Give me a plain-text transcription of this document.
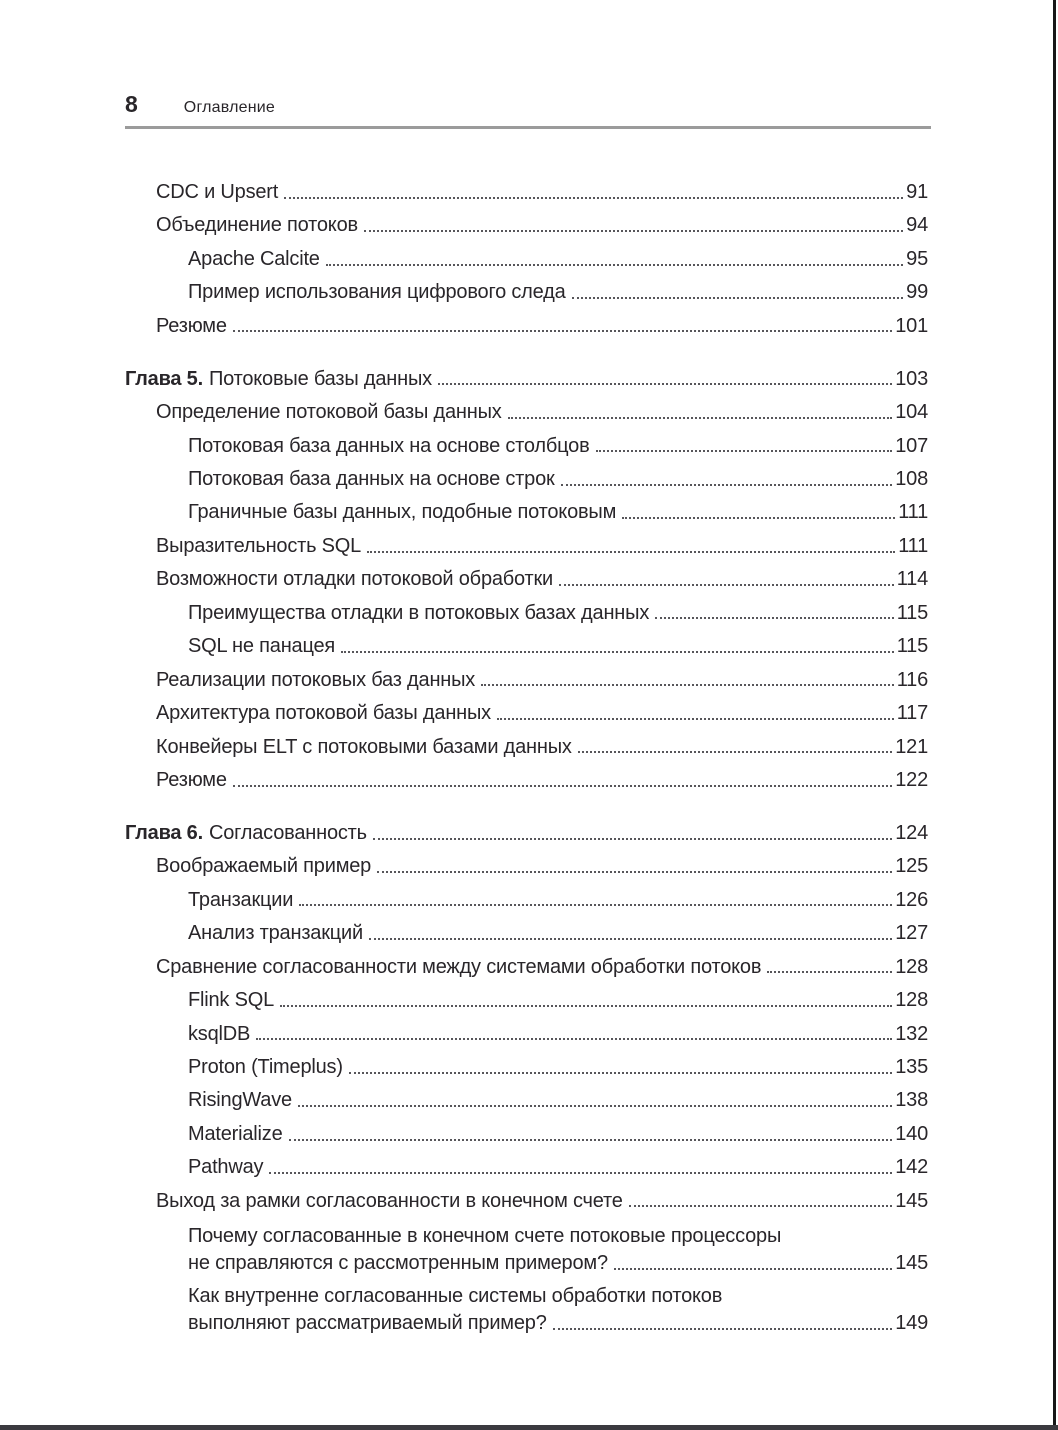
8	Оглавление
CDC и Upsert	91
Объединение потоков	94
Apache Calcite	95
Пример использования цифрового следа	99
Резюме	101
Глава 5. Потоковые базы данных	103
Определение потоковой базы данных	104
Потоковая база данных на основе столбцов	107
Потоковая база данных на основе строк	108
Граничные базы данных, подобные потоковым	111
Выразительность SQL	111
Возможности отладки потоковой обработки	114
Преимущества отладки в потоковых базах данных	115
SQL не панацея	115
Реализации потоковых баз данных	116
Архитектура потоковой базы данных	117
Конвейеры ELT с потоковыми базами данных	121
Резюме	122
Глава 6. Согласованность	124
Воображаемый пример	125
Транзакции	126
Анализ транзакций	127
Сравнение согласованности между системами обработки потоков	128
Flink SQL	128
ksqlDB	132
Proton (Timeplus)	135
RisingWave	138
Materialize	140
Pathway	142
Выход за рамки согласованности в конечном счете	145
Почему согласованные в конечном счете потоковые процессоры
не справляются с рассмотренным примером?	145
Как внутренне согласованные системы обработки потоков
выполняют рассматриваемый пример?	149
